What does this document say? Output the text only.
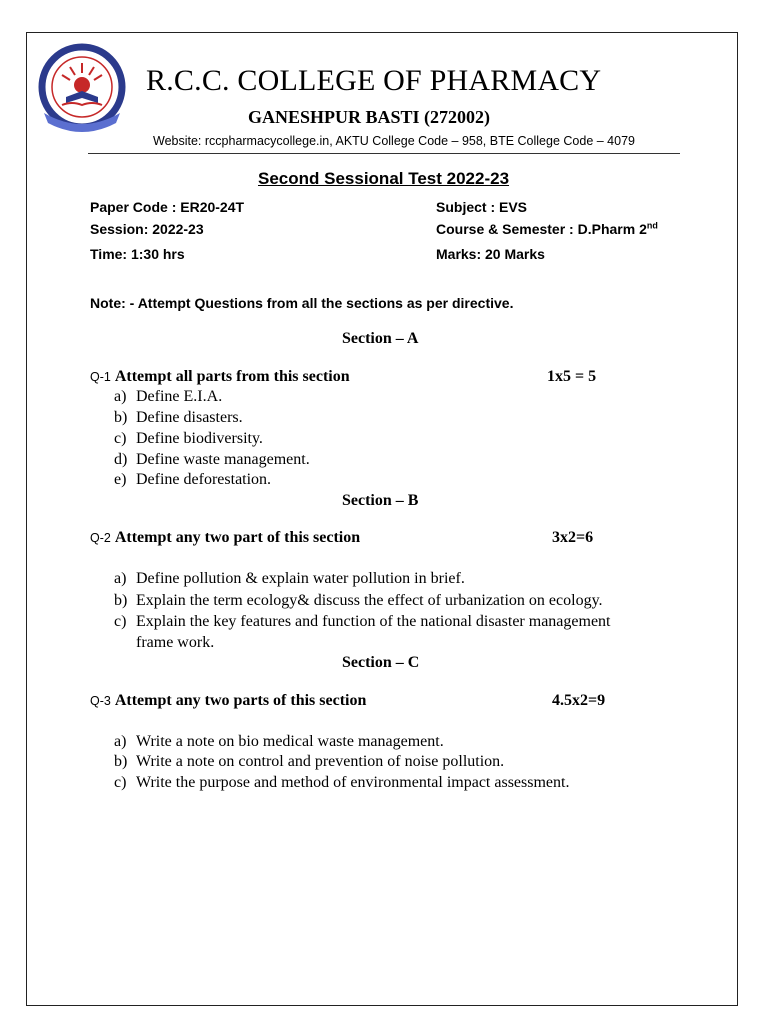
R.C.C. COLLEGE OF PHARMACY
GANESHPUR BASTI (272002)
Website: rccpharmacycollege.in, AKTU College Code – 958, BTE College Code – 4079
Second Sessional Test 2022-23
Paper Code : ER20-24T	Subject : EVS
Session: 2022-23	Course & Semester : D.Pharm 2nd
Time: 1:30 hrs	Marks: 20 Marks
Note: - Attempt Questions from all the sections as per directive.
Section – A
Q-1 Attempt all parts from this section	1x5 = 5
a) Define E.I.A.
b) Define disasters.
c) Define biodiversity.
d) Define waste management.
e) Define deforestation.
Section – B
Q-2 Attempt any two part of this section	3x2=6
a) Define pollution & explain water pollution in brief.
b) Explain the term ecology& discuss the effect of urbanization on ecology.
c) Explain the key features and function of the national disaster management
frame work.
Section – C
Q-3 Attempt any two parts of this section	4.5x2=9
a) Write a note on bio medical waste management.
b) Write a note on control and prevention of noise pollution.
c) Write the purpose and method of environmental impact assessment.
